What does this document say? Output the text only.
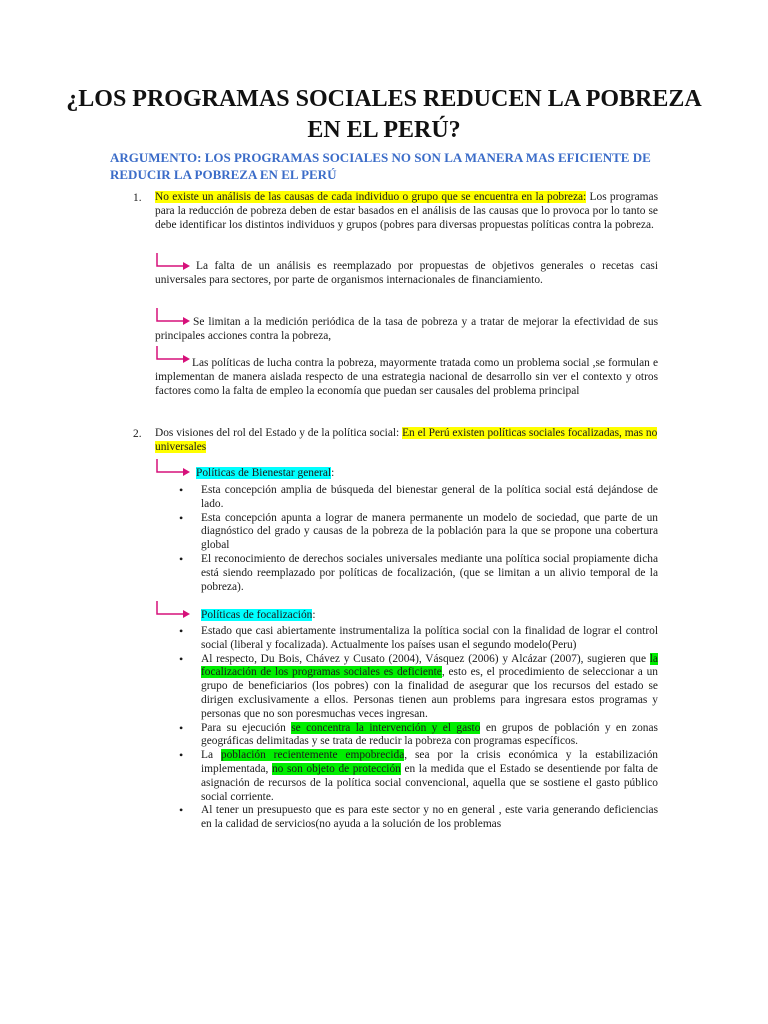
¿LOS PROGRAMAS SOCIALES REDUCEN LA POBREZA EN EL PERÚ?
ARGUMENTO: LOS PROGRAMAS SOCIALES NO SON LA MANERA MAS EFICIENTE DE REDUCIR LA POBREZA EN EL PERÚ
1. No existe un análisis de las causas de cada individuo o grupo que se encuentra en la pobreza: Los programas para la reducción de pobreza deben de estar basados en el análisis de las causas que lo provoca por lo tanto se debe identificar los distintos individuos y grupos (pobres para diversas propuestas políticas contra la pobreza.
La falta de un análisis es reemplazado por propuestas de objetivos generales o recetas casi universales para sectores, por parte de organismos internacionales de financiamiento.
Se limitan a la medición periódica de la tasa de pobreza y a tratar de mejorar la efectividad de sus principales acciones contra la pobreza,
Las políticas de lucha contra la pobreza, mayormente tratada como un problema social ,se formulan e implementan de manera aislada respecto de una estrategia nacional de desarrollo sin ver el contexto y otros factores como la falta de empleo la economía que puedan ser causales del problema principal
2. Dos visiones del rol del Estado y de la política social: En el Perú existen políticas sociales focalizadas, mas no universales
Políticas de Bienestar general:
• Esta concepción amplia de búsqueda del bienestar general de la política social está dejándose de lado.
• Esta concepción apunta a lograr de manera permanente un modelo de sociedad, que parte de un diagnóstico del grado y causas de la pobreza de la población para la que se propone una cobertura global
• El reconocimiento de derechos sociales universales mediante una política social propiamente dicha está siendo reemplazado por políticas de focalización, (que se limitan a un alivio temporal de la pobreza).
Políticas de focalización:
• Estado que casi abiertamente instrumentaliza la política social con la finalidad de lograr el control social (liberal y focalizada). Actualmente los países usan el segundo modelo(Peru)
• Al respecto, Du Bois, Chávez y Cusato (2004), Vásquez (2006) y Alcázar (2007), sugieren que la focalización de los programas sociales es deficiente, esto es, el procedimiento de seleccionar a un grupo de beneficiarios (los pobres) con la finalidad de asegurar que los recursos del estado se dirigen exclusivamente a ellos. Personas tienen aun problems para ingresara estos programas y personas que no son poresmuchas veces ingresan.
• Para su ejecución se concentra la intervención y el gasto en grupos de población y en zonas geográficas delimitadas y se trata de reducir la pobreza con programas específicos.
• La población recientemente empobrecida, sea por la crisis económica y la estabilización implementada, no son objeto de protección en la medida que el Estado se desentiende por falta de asignación de recursos de la política social convencional, aquella que se sostiene el gasto público social corriente.
• Al tener un presupuesto que es para este sector y no en general , este varia generando deficiencias en la calidad de servicios(no ayuda a la solución de los problemas
